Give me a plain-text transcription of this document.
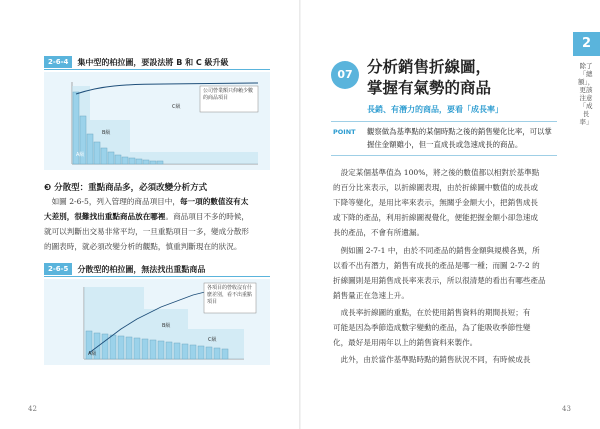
2-6-4	集中型的柏拉圖，要設法將 B 和 C 級升級
A級
B級
C級
公司營業額只仰賴少數的商品項目
❸ 分散型：重點商品多，必須改變分析方式
　如圖 2-6-5，列入管理的商品項目中，每一項的數值沒有太
大差別，很難找出重點商品放在哪裡。商品項目不多的時候，
就可以判斷出交易非常平均，一旦重點項目一多，變成分散形
的圖表時，就必須改變分析的觀點，慎重判斷現在的狀況。
2-6-5	分散型的柏拉圖，無法找出重點商品
A級
B級
C級
各項目的營收沒有什麼差別，看不出重點項目
42
07 分析銷售折線圖，
掌握有氣勢的商品
長銷、有潛力的商品，要看「成長率」
POINT 觀察做為基準點的某個時點之後的銷售變化比率，可以掌握住金額雖小，但一直成長或急速成長的商品。
　設定某個基準值為 100%，將之後的數值都以相對於基準點
的百分比來表示，以折線圖表現，由於折線圖中數值的成長或
下降等變化，是用比率來表示，無關乎金額大小，把銷售成長
或下降的產品，利用折線圖視覺化，便能把握金額小卻急速成
長的產品，不會有所遺漏。
　例如圖 2-7-1 中，由於不同產品的銷售金額與規模各異，所
以看不出有潛力，銷售有成長的產品是哪一種；而圖 2-7-2 的
折線圖則是用銷售成長率來表示，所以很清楚的看出有哪些產品
銷售量正在急速上升。
　成長率折線圖的重點，在於使用銷售資料的期間長短；有
可能是因為季節造成數字變動的產品，為了能吸收季節性變
化，最好是用兩年以上的銷售資料來製作。
　此外，由於當作基準點時點的銷售狀況不同，有時候成長
43
2
除了「總額」，更該注意「成長率」
